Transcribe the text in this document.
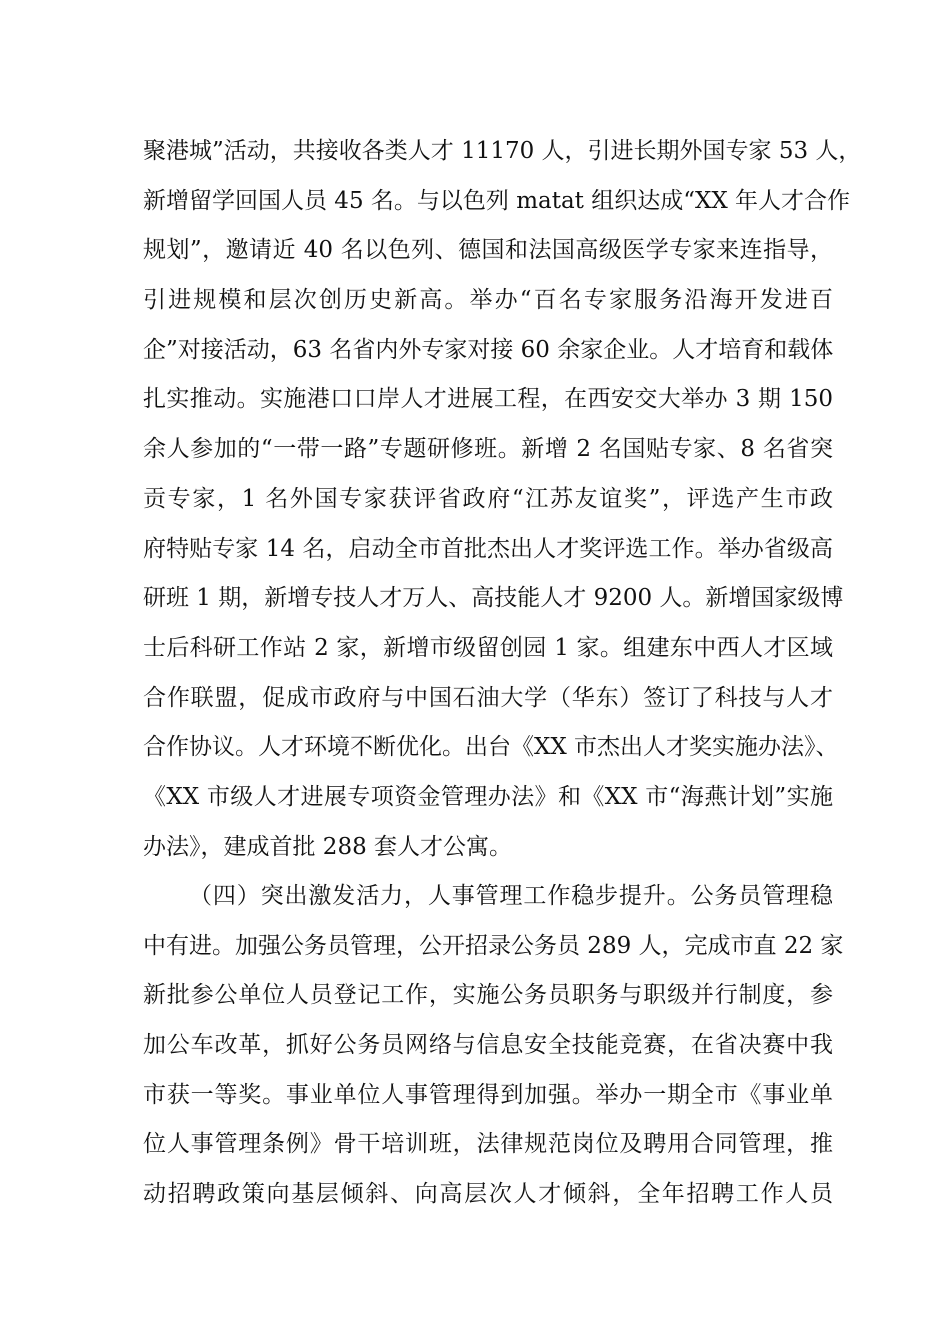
聚港城”活动，共接收各类人才 11170 人，引进长期外国专家 53 人，
新增留学回国人员 45 名。与以色列 matat 组织达成“XX 年人才合作
规划”，邀请近 40 名以色列、德国和法国高级医学专家来连指导，
引进规模和层次创历史新高。举办“百名专家服务沿海开发进百
企”对接活动，63 名省内外专家对接 60 余家企业。人才培育和载体
扎实推动。实施港口口岸人才进展工程，在西安交大举办 3 期 150
余人参加的“一带一路”专题研修班。新增 2 名国贴专家、8 名省突
贡专家，1 名外国专家获评省政府“江苏友谊奖”，评选产生市政
府特贴专家 14 名，启动全市首批杰出人才奖评选工作。举办省级高
研班 1 期，新增专技人才万人、高技能人才 9200 人。新增国家级博
士后科研工作站 2 家，新增市级留创园 1 家。组建东中西人才区域
合作联盟，促成市政府与中国石油大学（华东）签订了科技与人才
合作协议。人才环境不断优化。出台《XX 市杰出人才奖实施办法》、
《XX 市级人才进展专项资金管理办法》和《XX 市“海燕计划”实施
办法》，建成首批 288 套人才公寓。
（四）突出激发活力，人事管理工作稳步提升。公务员管理稳
中有进。加强公务员管理，公开招录公务员 289 人，完成市直 22 家
新批参公单位人员登记工作，实施公务员职务与职级并行制度，参
加公车改革，抓好公务员网络与信息安全技能竞赛，在省决赛中我
市获一等奖。事业单位人事管理得到加强。举办一期全市《事业单
位人事管理条例》骨干培训班，法律规范岗位及聘用合同管理，推
动招聘政策向基层倾斜、向高层次人才倾斜，全年招聘工作人员
